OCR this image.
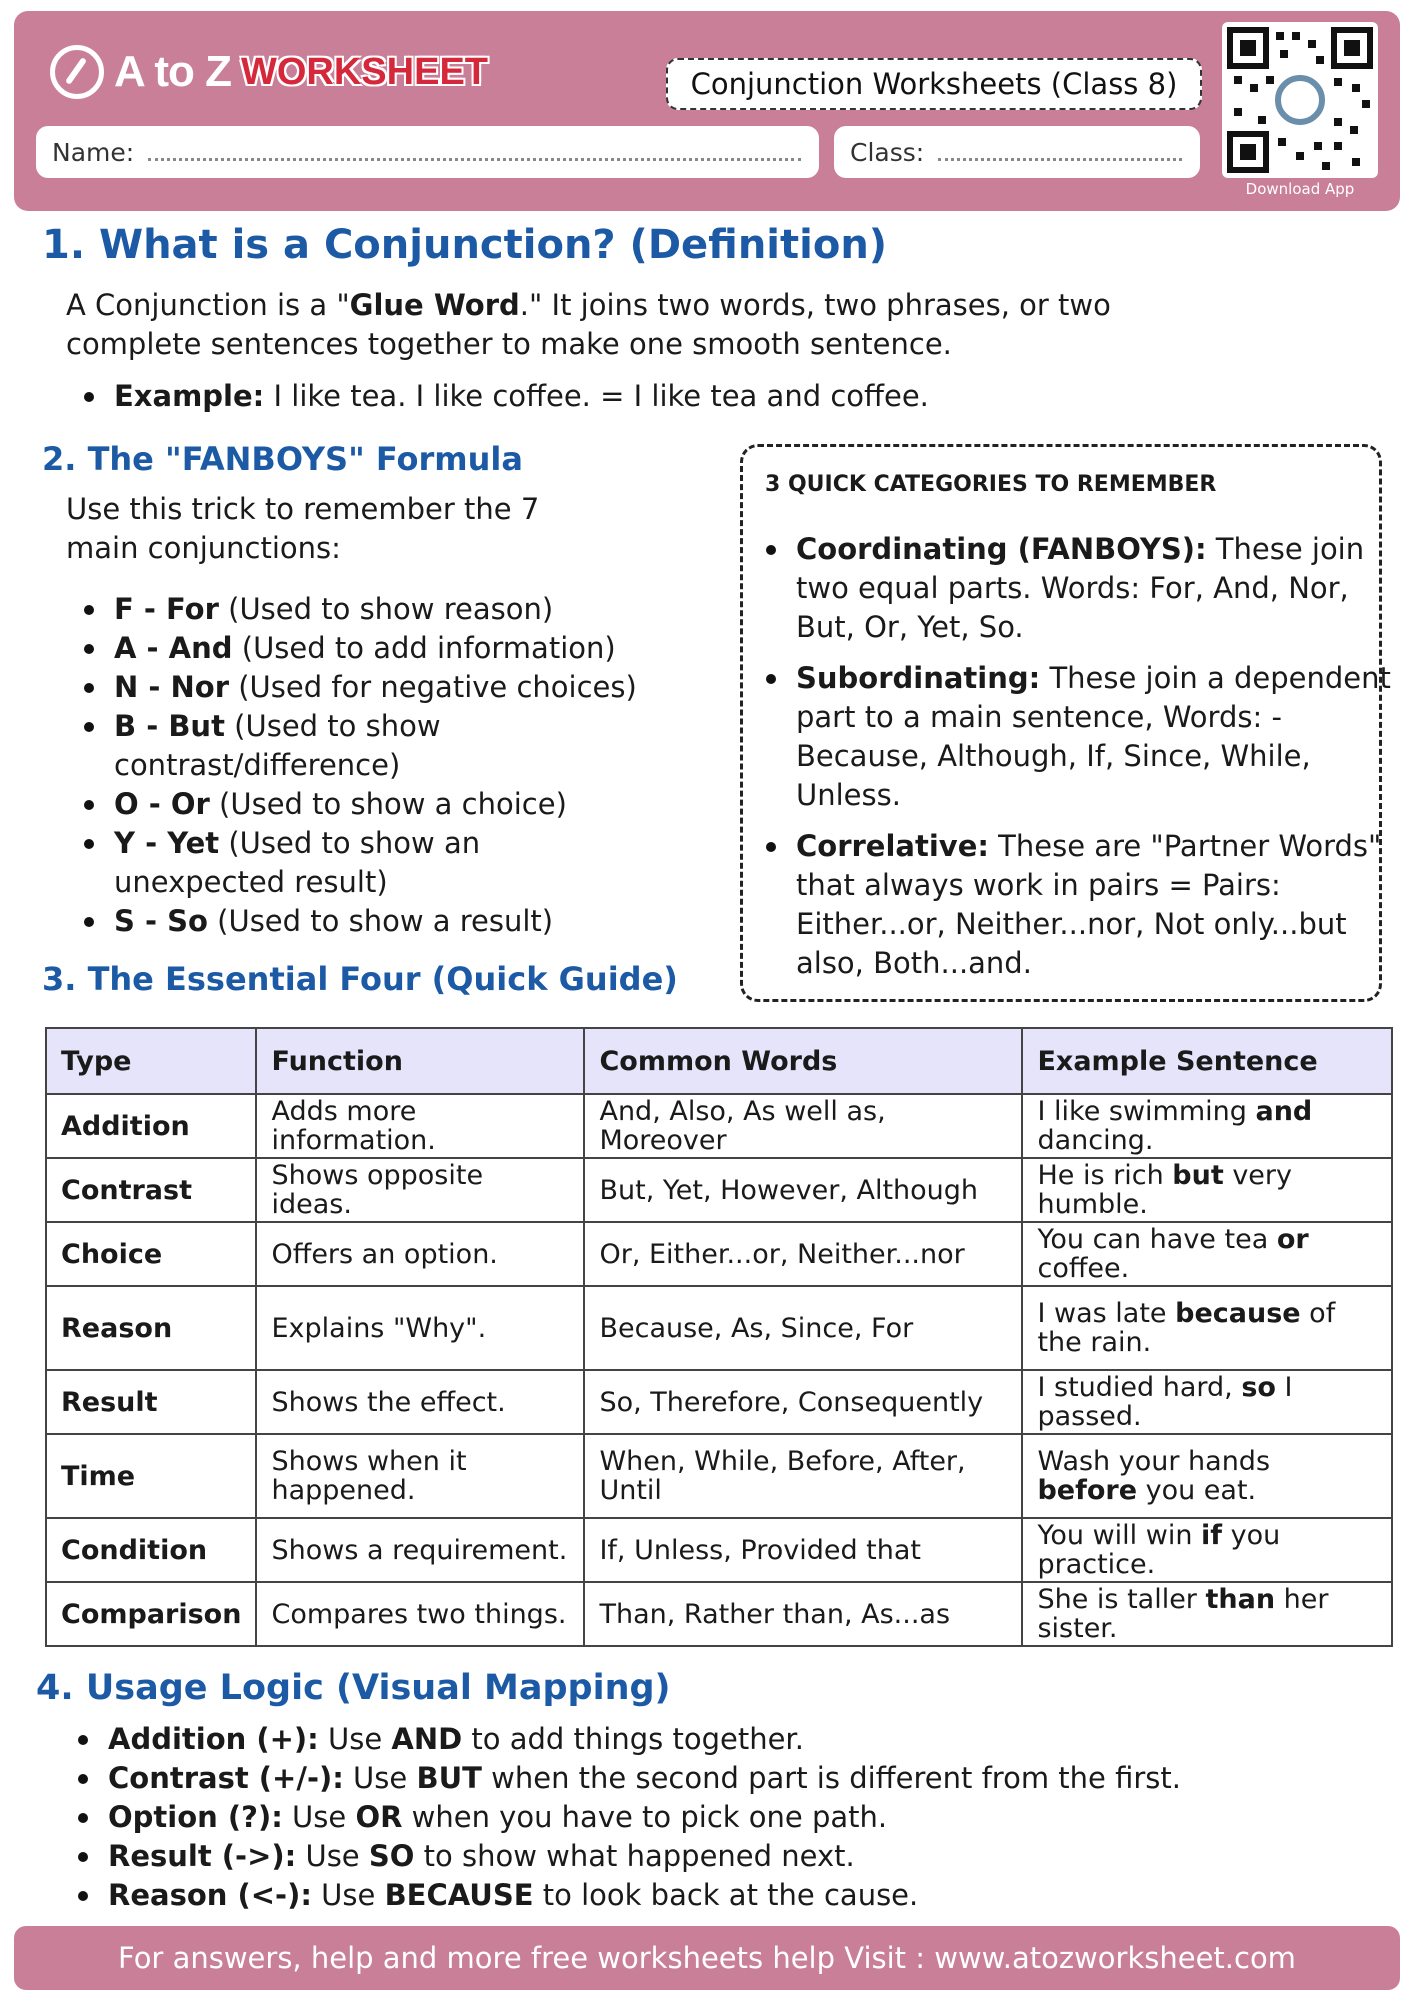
A to Z WORKSHEET	Conjunction Worksheets (Class 8)
Name:	Class:
Download App
1. What is a Conjunction? (Definition)
A Conjunction is a "Glue Word." It joins two words, two phrases, or two complete sentences together to make one smooth sentence.
Example: I like tea. I like coffee. = I like tea and coffee.
2. The "FANBOYS" Formula
Use this trick to remember the 7 main conjunctions:
F - For (Used to show reason)
A - And (Used to add information)
N - Nor (Used for negative choices)
B - But (Used to show contrast/difference)
O - Or (Used to show a choice)
Y - Yet (Used to show an unexpected result)
S - So (Used to show a result)
3 QUICK CATEGORIES TO REMEMBER
Coordinating (FANBOYS): These join two equal parts. Words: For, And, Nor, But, Or, Yet, So.
Subordinating: These join a dependent part to a main sentence, Words: - Because, Although, If, Since, While, Unless.
Correlative: These are "Partner Words" that always work in pairs = Pairs: Either...or, Neither...nor, Not only...but also, Both...and.
3. The Essential Four (Quick Guide)
Type	Function	Common Words	Example Sentence
Addition	Adds more information.	And, Also, As well as, Moreover	I like swimming and dancing.
Contrast	Shows opposite ideas.	But, Yet, However, Although	He is rich but very humble.
Choice	Offers an option.	Or, Either...or, Neither...nor	You can have tea or coffee.
Reason	Explains "Why".	Because, As, Since, For	I was late because of the rain.
Result	Shows the effect.	So, Therefore, Consequently	I studied hard, so I passed.
Time	Shows when it happened.	When, While, Before, After, Until	Wash your hands before you eat.
Condition	Shows a requirement.	If, Unless, Provided that	You will win if you practice.
Comparison	Compares two things.	Than, Rather than, As...as	She is taller than her sister.
4. Usage Logic (Visual Mapping)
Addition (+): Use AND to add things together.
Contrast (+/-): Use BUT when the second part is different from the first.
Option (?): Use OR when you have to pick one path.
Result (->): Use SO to show what happened next.
Reason (<-): Use BECAUSE to look back at the cause.
For answers, help and more free worksheets help Visit : www.atozworksheet.com
